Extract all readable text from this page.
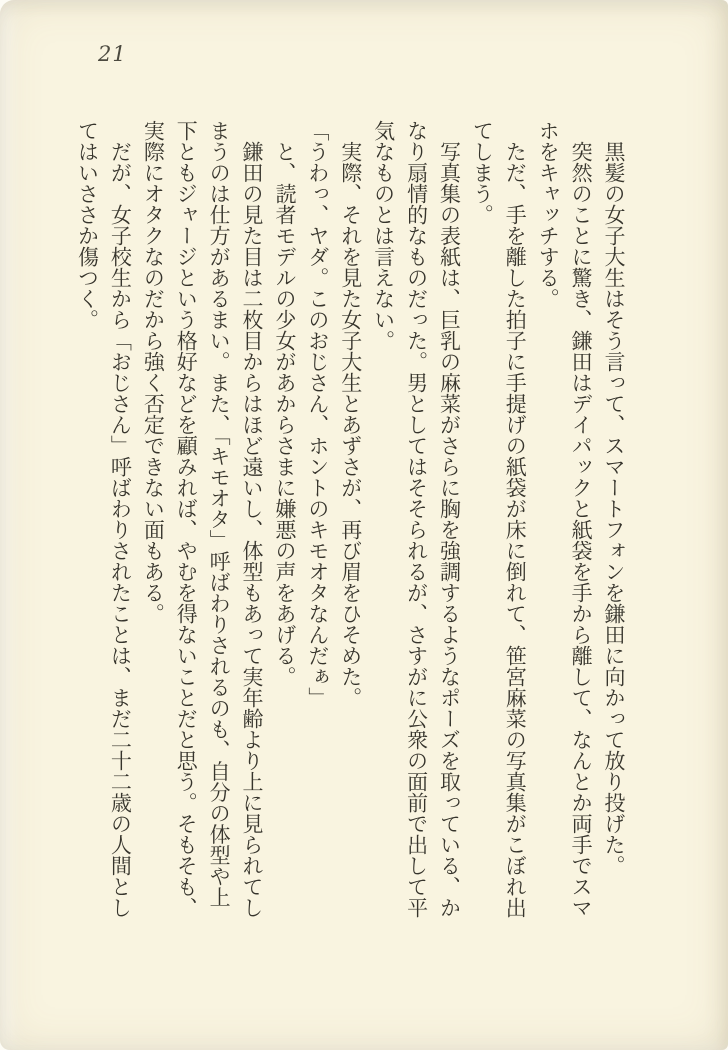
21

黒髪の女子大生はそう言って、スマートフォンを鎌田に向かって放り投げた。

突然のことに驚き、鎌田はデイパックと紙袋を手から離して、なんとか両手でスマホをキャッチする。

ただ、手を離した拍子に手提げの紙袋が床に倒れて、笹宮麻菜の写真集がこぼれ出てしまう。

写真集の表紙は、巨乳の麻菜がさらに胸を強調するようなポーズを取っている、かなり扇情的なものだった。男としてはそそられるが、さすがに公衆の面前で出して平気なものとは言えない。

実際、それを見た女子大生とあずさが、再び眉をひそめた。

「うわっ、ヤダ。このおじさん、ホントのキモオタなんだぁ」

と、読者モデルの少女があからさまに嫌悪の声をあげる。

鎌田の見た目は二枚目からはほど遠いし、体型もあって実年齢より上に見られてしまうのは仕方があるまい。また、「キモオタ」呼ばわりされるのも、自分の体型や上下ともジャージという格好などを顧みれば、やむを得ないことだと思う。そもそも、実際にオタクなのだから強く否定できない面もある。

だが、女子校生から「おじさん」呼ばわりされたことは、まだ二十二歳の人間としてはいささか傷つく。
